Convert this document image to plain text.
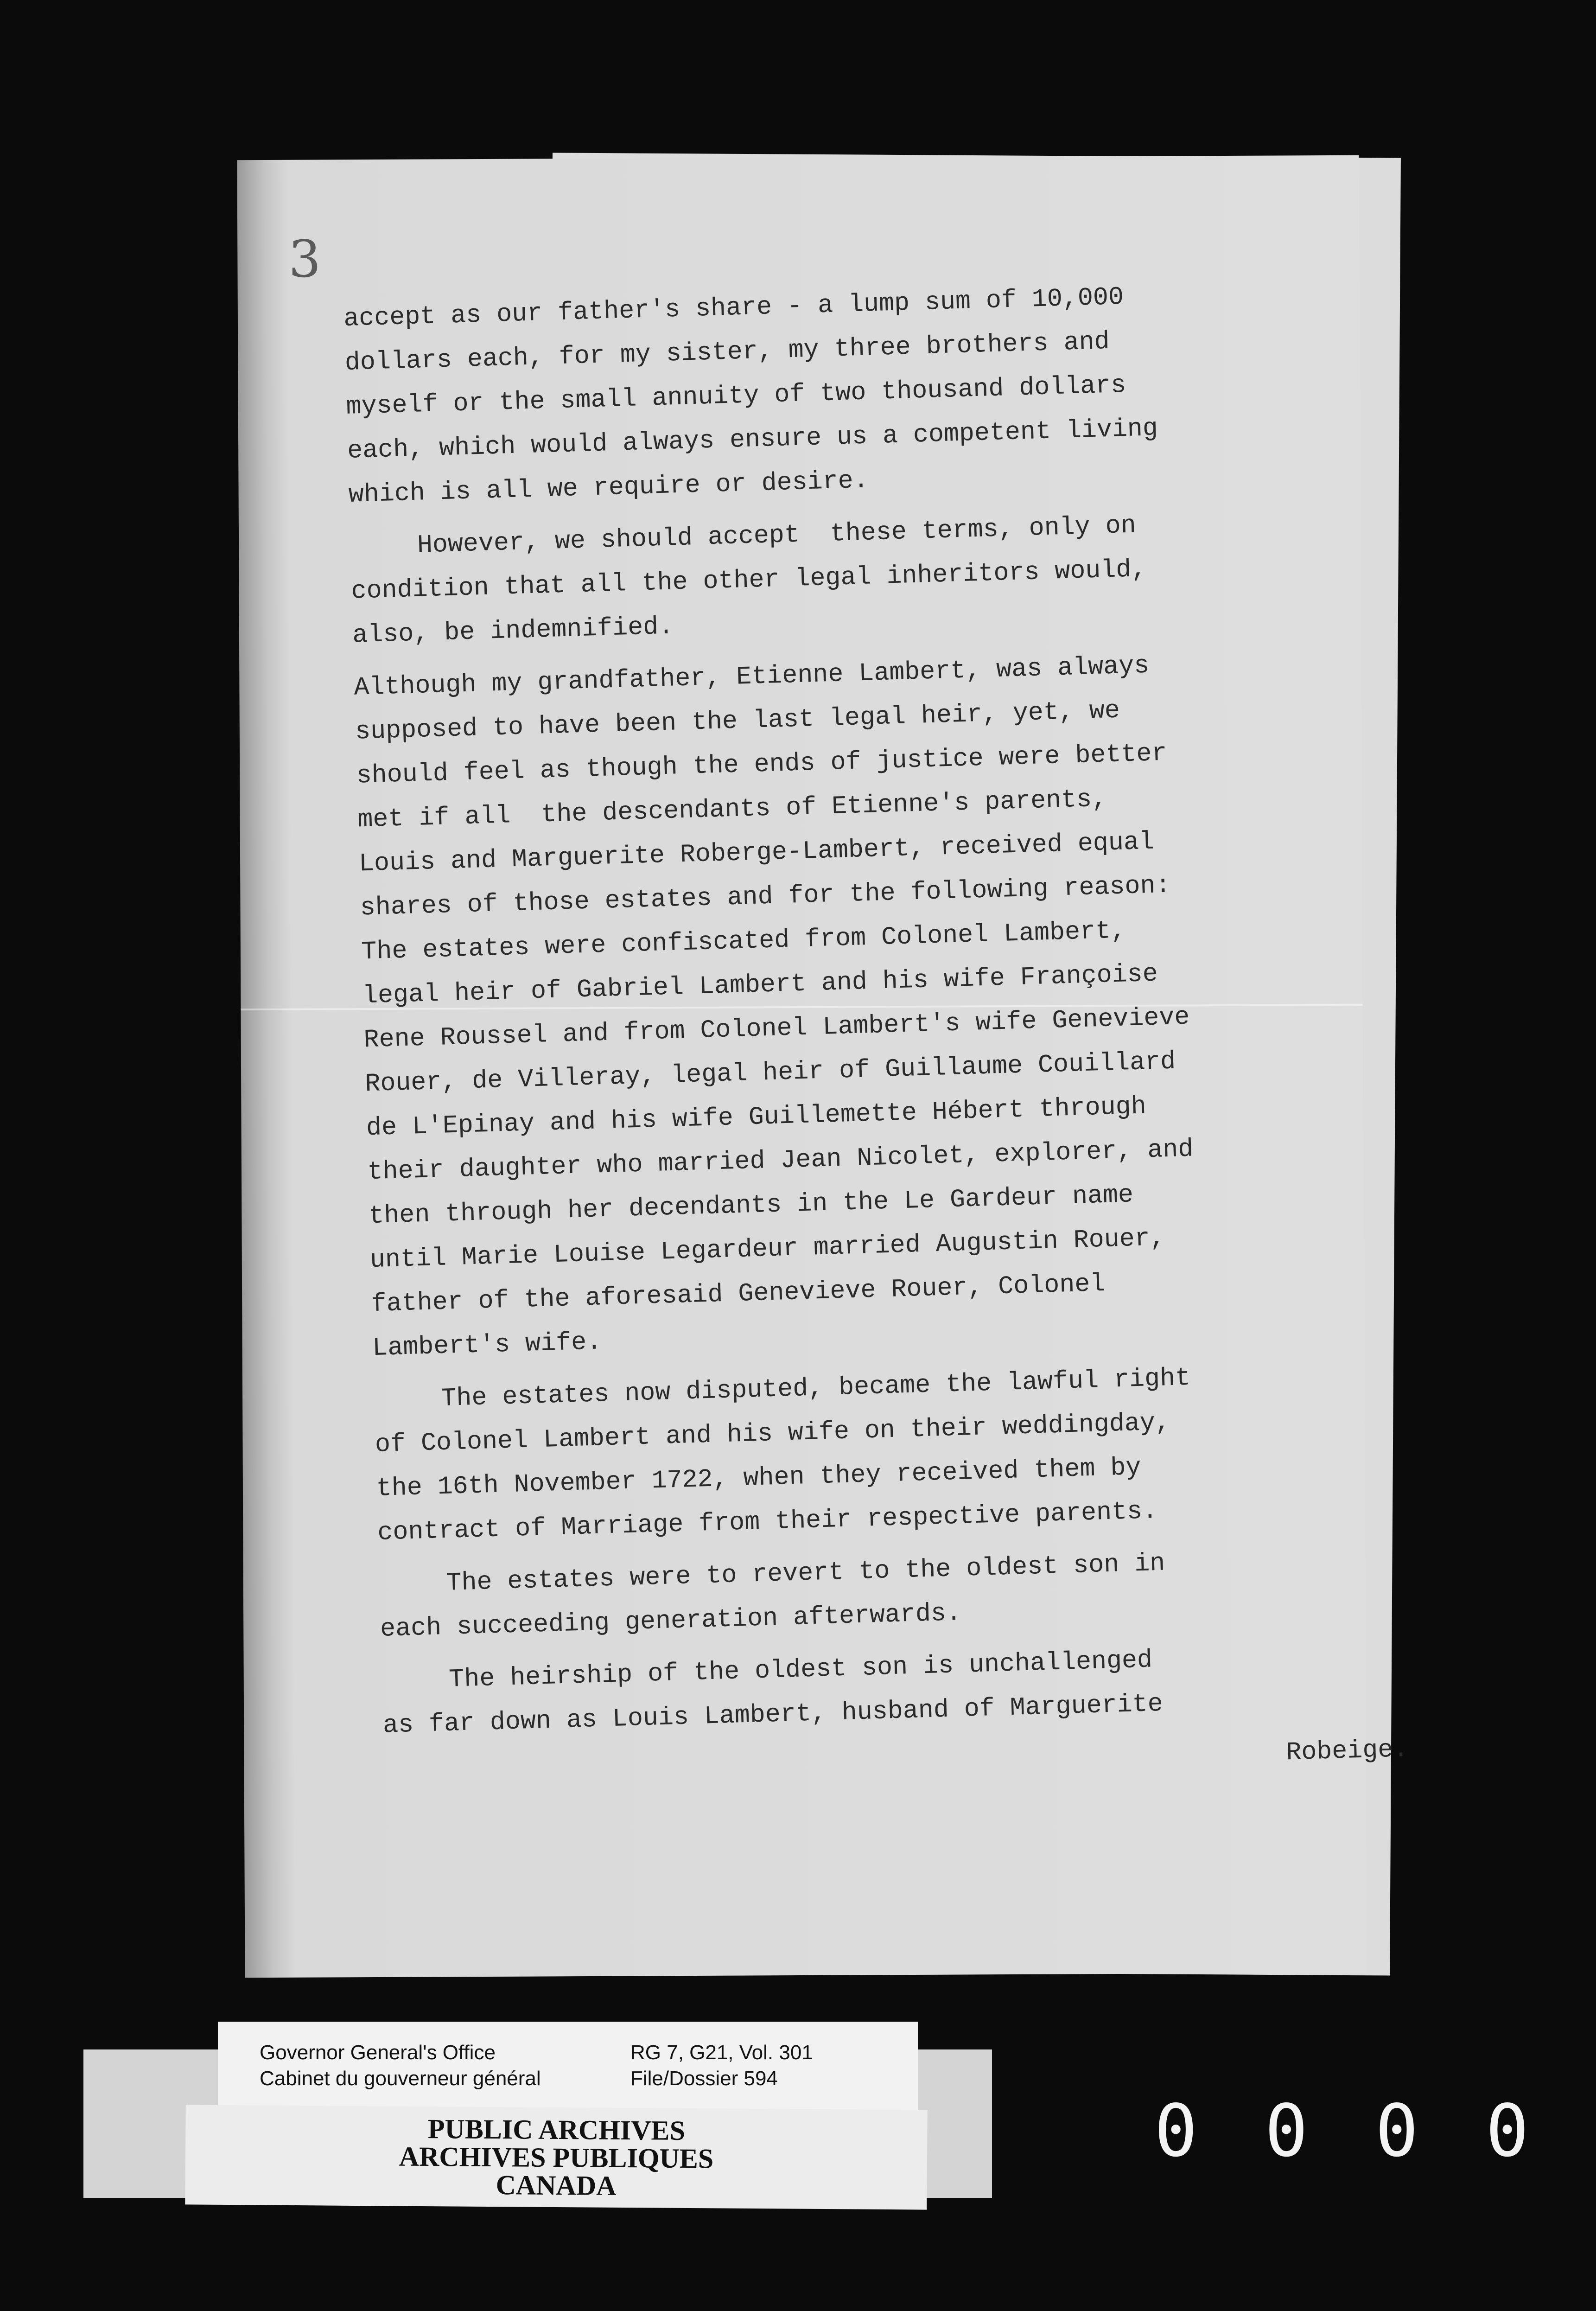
3
accept as our father's share - a lump sum of 10,000
dollars each, for my sister, my three brothers and
myself or the small annuity of two thousand dollars
each, which would always ensure us a competent living
which is all we require or desire.
However, we should accept  these terms, only on
condition that all the other legal inheritors would,
also, be indemnified.
Although my grandfather, Etienne Lambert, was always
supposed to have been the last legal heir, yet, we
should feel as though the ends of justice were better
met if all  the descendants of Etienne's parents,
Louis and Marguerite Roberge-Lambert, received equal
shares of those estates and for the following reason:
The estates were confiscated from Colonel Lambert,
legal heir of Gabriel Lambert and his wife Françoise
Rene Roussel and from Colonel Lambert's wife Genevieve
Rouer, de Villeray, legal heir of Guillaume Couillard
de L'Epinay and his wife Guillemette Hébert through
their daughter who married Jean Nicolet, explorer, and
then through her decendants in the Le Gardeur name
until Marie Louise Legardeur married Augustin Rouer,
father of the aforesaid Genevieve Rouer, Colonel
Lambert's wife.
The estates now disputed, became the lawful right
of Colonel Lambert and his wife on their weddingday,
the 16th November 1722, when they received them by
contract of Marriage from their respective parents.
The estates were to revert to the oldest son in
each succeeding generation afterwards.
The heirship of the oldest son is unchallenged
as far down as Louis Lambert, husband of Marguerite
Robeige.
Governor General's Office
Cabinet du gouverneur général
RG 7, G21, Vol. 301
File/Dossier 594
PUBLIC ARCHIVES
ARCHIVES PUBLIQUES
CANADA
0000
